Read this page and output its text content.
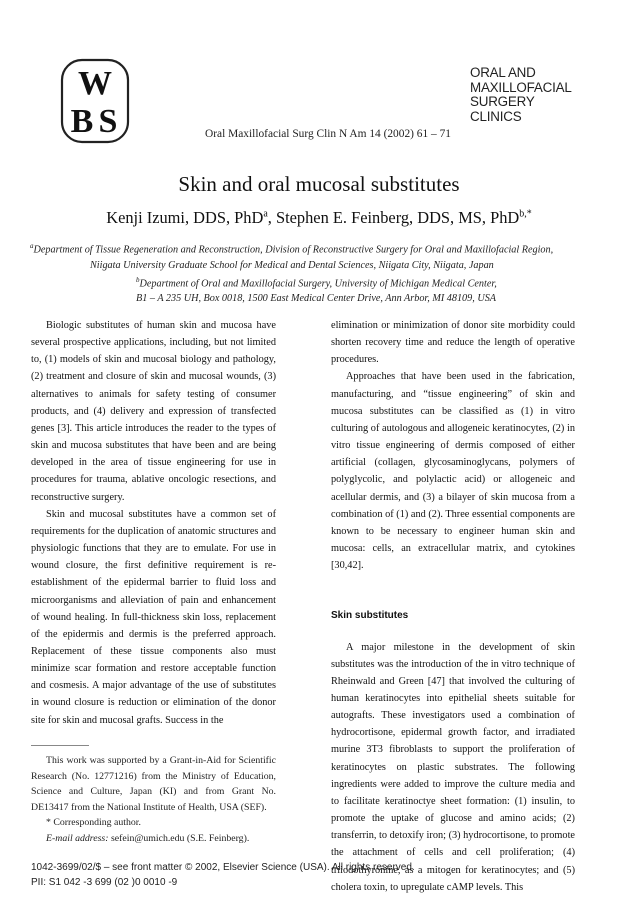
W
B S
ORAL AND
MAXILLOFACIAL
SURGERY
CLINICS
Oral Maxillofacial Surg Clin N Am 14 (2002) 61 – 71
Skin and oral mucosal substitutes
Kenji Izumi, DDS, PhD$^a$, Stephen E. Feinberg, DDS, MS, PhD$^{b,*}$
$^a$Department of Tissue Regeneration and Reconstruction, Division of Reconstructive Surgery for Oral and Maxillofacial Region,
Niigata University Graduate School for Medical and Dental Sciences, Niigata City, Niigata, Japan
$^b$Department of Oral and Maxillofacial Surgery, University of Michigan Medical Center,
B1 – A 235 UH, Box 0018, 1500 East Medical Center Drive, Ann Arbor, MI 48109, USA

Biologic substitutes of human skin and mucosa have several prospective applications, including, but not limited to, (1) models of skin and mucosal biology and pathology, (2) treatment and closure of skin and mucosal wounds, (3) alternatives to animals for safety testing of consumer products, and (4) delivery and expression of transfected genes [3]. This article introduces the reader to the types of skin and mucosa substitutes that have been and are being developed in the area of tissue engineering for use in procedures for trauma, ablative oncologic resections, and reconstructive surgery.

Skin and mucosal substitutes have a common set of requirements for the duplication of anatomic structures and physiologic functions that they are to emulate. For use in wound closure, the first definitive requirement is re-establishment of the epidermal barrier to fluid loss and microorganisms and alleviation of pain and enhancement of wound healing. In full-thickness skin loss, replacement of the epidermis and dermis is the preferred approach. Replacement of these tissue components also must minimize scar formation and restore acceptable function and cosmesis. A major advantage of the use of substitutes in wound closure is reduction or elimination of the donor site for skin and mucosal grafts. Success in the

elimination or minimization of donor site morbidity could shorten recovery time and reduce the length of operative procedures.

Approaches that have been used in the fabrication, manufacturing, and “tissue engineering” of skin and mucosa substitutes can be classified as (1) in vitro culturing of autologous and allogeneic keratinocytes, (2) in vitro tissue engineering of dermis composed of either artificial (collagen, glycosaminoglycans, polymers of polyglycolic, and polylactic acid) or allogeneic and acellular dermis, and (3) a bilayer of skin mucosa from a combination of (1) and (2). Three essential components are known to be necessary to engineer human skin and mucosa: cells, an extracellular matrix, and cytokines [30,42].

Skin substitutes

A major milestone in the development of skin substitutes was the introduction of the in vitro technique of Rheinwald and Green [47] that involved the culturing of human keratinocytes into epithelial sheets suitable for autografts. These investigators used a combination of hydrocortisone, epidermal growth factor, and irradiated murine 3T3 fibroblasts to support the proliferation of keratinocytes on plastic substrates. The following ingredients were added to improve the culture media and to facilitate keratinoctye sheet formation: (1) insulin, to promote the uptake of glucose and amino acids; (2) transferrin, to detoxify iron; (3) hydrocortisone, to promote the attachment of cells and cell proliferation; (4) triiodothyronine, as a mitogen for keratinocytes; and (5) cholera toxin, to upregulate cAMP levels. This

This work was supported by a Grant-in-Aid for Scientific Research (No. 12771216) from the Ministry of Education, Science and Culture, Japan (KI) and from Grant No. DE13417 from the National Institute of Health, USA (SEF).

* Corresponding author.

E-mail address: sefein@umich.edu (S.E. Feinberg).

1042-3699/02/$ – see front matter © 2002, Elsevier Science (USA). All rights reserved.
PII: S1 042 -3 699 (02 )0 0010 -9
